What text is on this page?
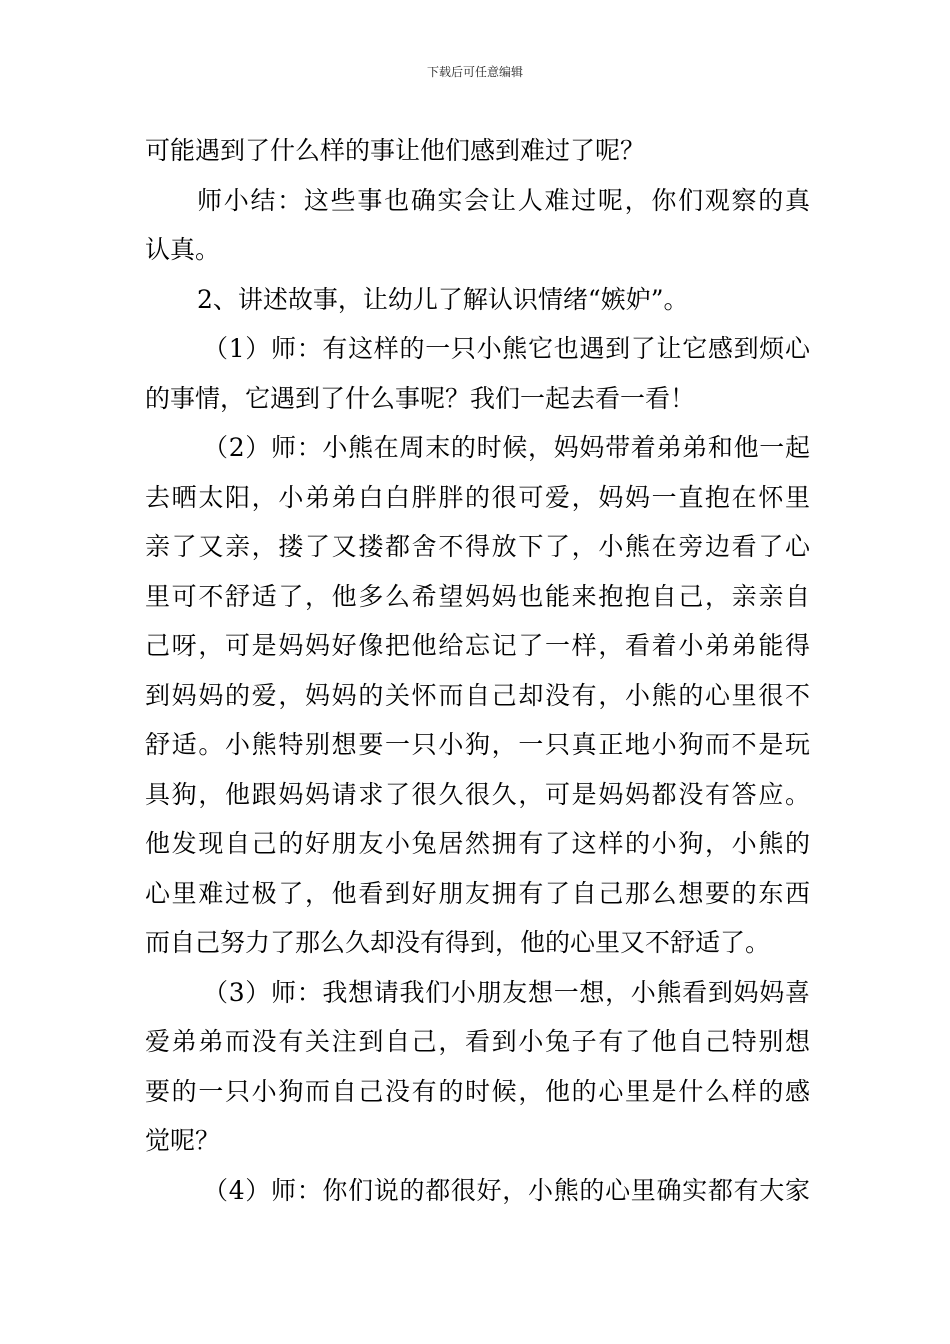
下载后可任意编辑
可能遇到了什么样的事让他们感到难过了呢？
师小结：这些事也确实会让人难过呢，你们观察的真
认真。
2、讲述故事，让幼儿了解认识情绪“嫉妒”。
（1）师：有这样的一只小熊它也遇到了让它感到烦心
的事情，它遇到了什么事呢？我们一起去看一看！
（2）师：小熊在周末的时候，妈妈带着弟弟和他一起
去晒太阳，小弟弟白白胖胖的很可爱，妈妈一直抱在怀里
亲了又亲，搂了又搂都舍不得放下了，小熊在旁边看了心
里可不舒适了，他多么希望妈妈也能来抱抱自己，亲亲自
己呀，可是妈妈好像把他给忘记了一样，看着小弟弟能得
到妈妈的爱，妈妈的关怀而自己却没有，小熊的心里很不
舒适。小熊特别想要一只小狗，一只真正地小狗而不是玩
具狗，他跟妈妈请求了很久很久，可是妈妈都没有答应。
他发现自己的好朋友小兔居然拥有了这样的小狗，小熊的
心里难过极了，他看到好朋友拥有了自己那么想要的东西
而自己努力了那么久却没有得到，他的心里又不舒适了。
（3）师：我想请我们小朋友想一想，小熊看到妈妈喜
爱弟弟而没有关注到自己，看到小兔子有了他自己特别想
要的一只小狗而自己没有的时候，他的心里是什么样的感
觉呢？
（4）师：你们说的都很好，小熊的心里确实都有大家
